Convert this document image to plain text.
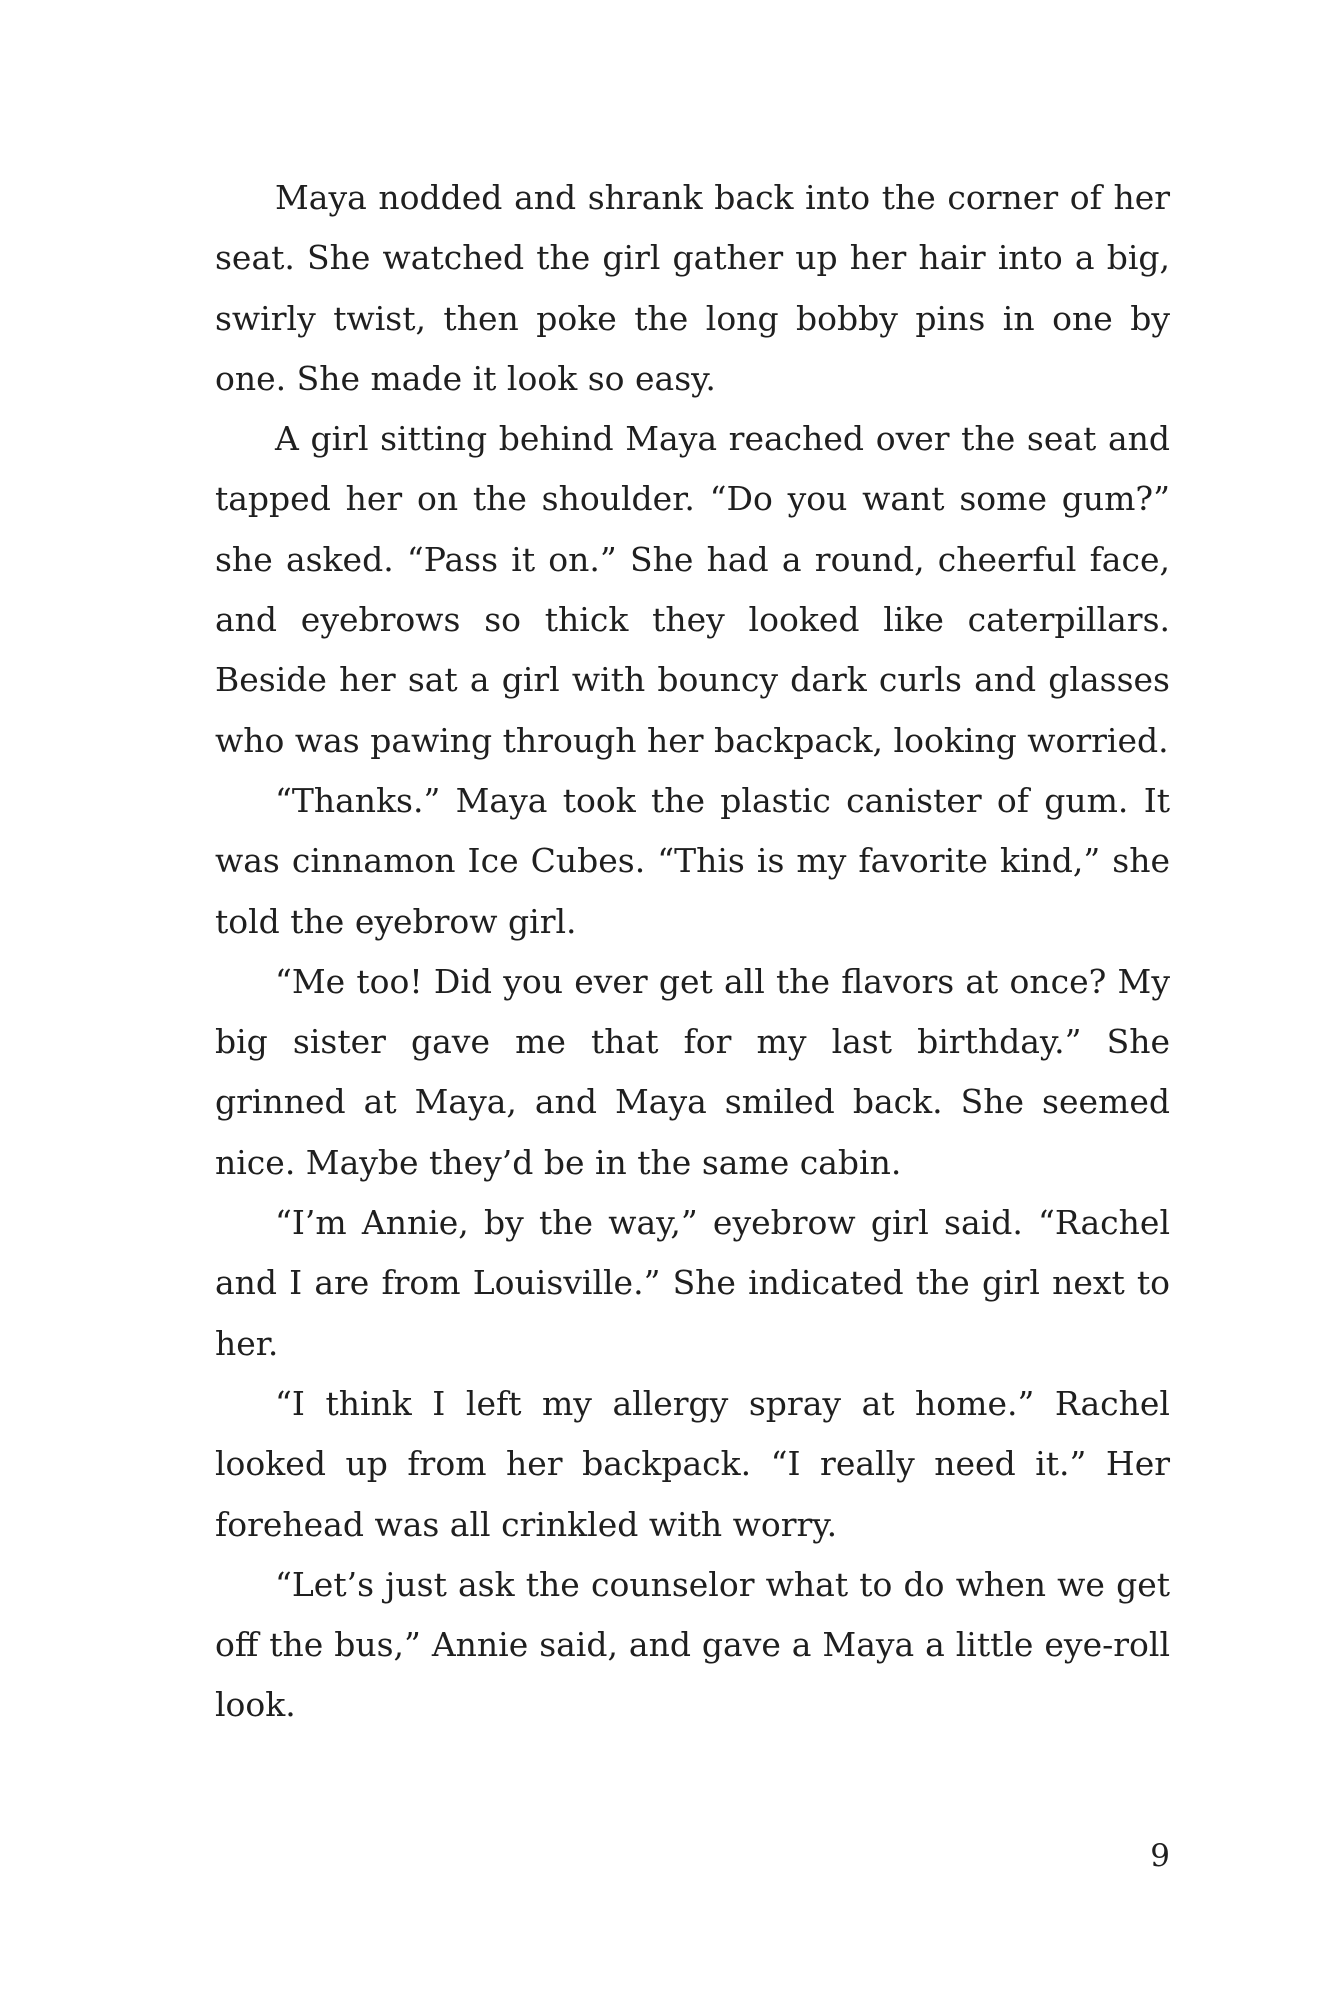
Maya nodded and shrank back into the corner of her seat. She watched the girl gather up her hair into a big, swirly twist, then poke the long bobby pins in one by one. She made it look so easy.

A girl sitting behind Maya reached over the seat and tapped her on the shoulder. “Do you want some gum?” she asked. “Pass it on.” She had a round, cheerful face, and eyebrows so thick they looked like caterpillars. Beside her sat a girl with bouncy dark curls and glasses who was pawing through her backpack, looking worried.

“Thanks.” Maya took the plastic canister of gum. It was cinnamon Ice Cubes. “This is my favorite kind,” she told the eyebrow girl.

“Me too! Did you ever get all the flavors at once? My big sister gave me that for my last birthday.” She grinned at Maya, and Maya smiled back. She seemed nice. Maybe they’d be in the same cabin.

“I’m Annie, by the way,” eyebrow girl said. “Rachel and I are from Louisville.” She indicated the girl next to her.

“I think I left my allergy spray at home.” Rachel looked up from her backpack. “I really need it.” Her forehead was all crinkled with worry.

“Let’s just ask the counselor what to do when we get off the bus,” Annie said, and gave a Maya a little eye-roll look.

9
